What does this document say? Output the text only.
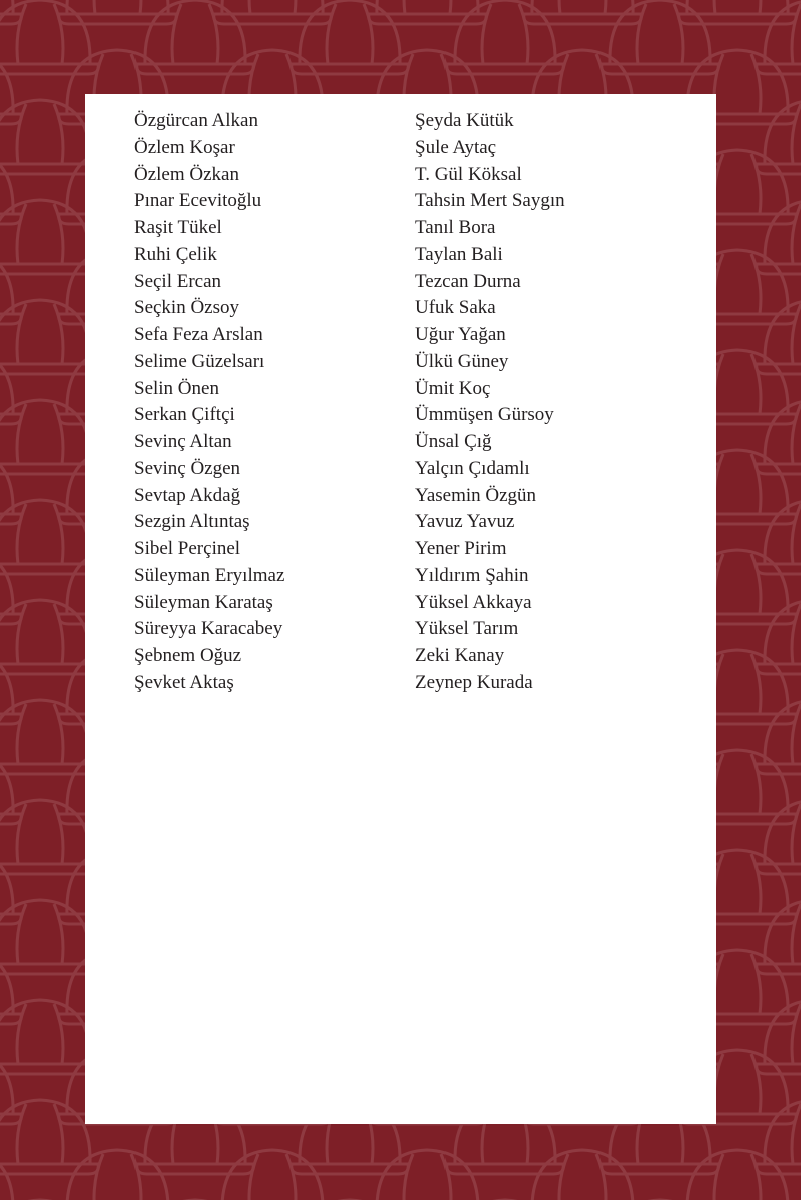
Özgürcan Alkan
Özlem Koşar
Özlem Özkan
Pınar Ecevitoğlu
Raşit Tükel
Ruhi Çelik
Seçil Ercan
Seçkin Özsoy
Sefa Feza Arslan
Selime Güzelsarı
Selin Önen
Serkan Çiftçi
Sevinç Altan
Sevinç Özgen
Sevtap Akdağ
Sezgin Altıntaş
Sibel Perçinel
Süleyman Eryılmaz
Süleyman Karataş
Süreyya Karacabey
Şebnem Oğuz
Şevket Aktaş
Şeyda Kütük
Şule Aytaç
T. Gül Köksal
Tahsin Mert Saygın
Tanıl Bora
Taylan Bali
Tezcan Durna
Ufuk Saka
Uğur Yağan
Ülkü Güney
Ümit Koç
Ümmüşen Gürsoy
Ünsal Çığ
Yalçın Çıdamlı
Yasemin Özgün
Yavuz Yavuz
Yener Pirim
Yıldırım Şahin
Yüksel Akkaya
Yüksel Tarım
Zeki Kanay
Zeynep Kurada
